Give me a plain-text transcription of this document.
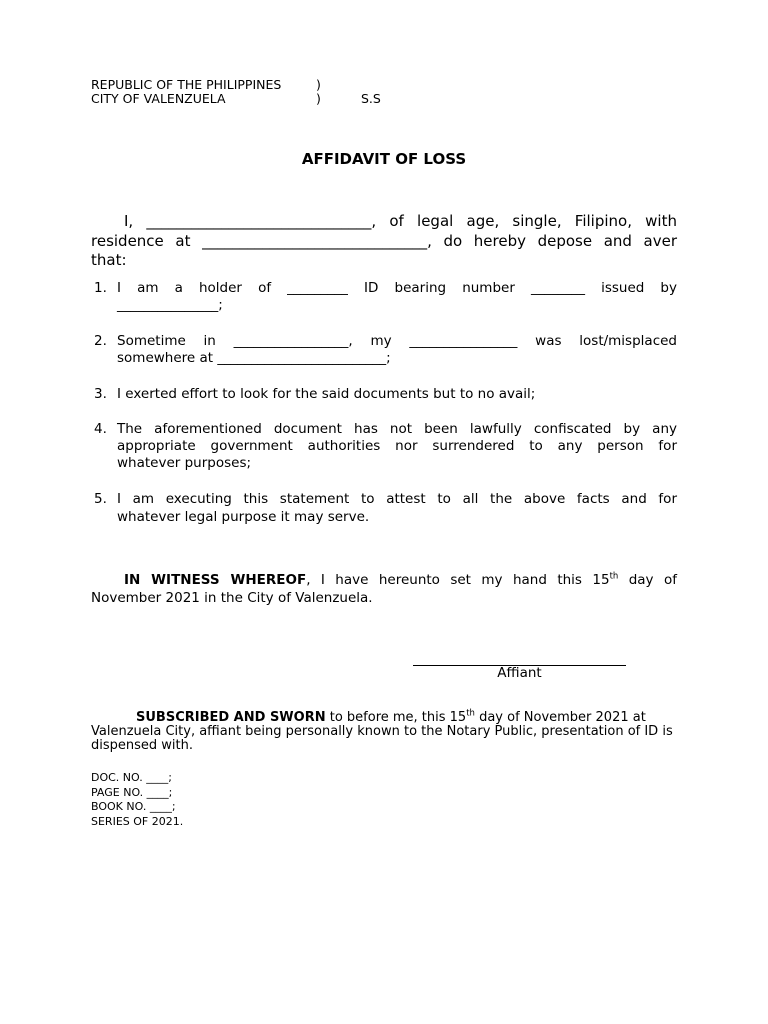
REPUBLIC OF THE PHILIPPINES	)
CITY OF VALENZUELA	)	S.S
AFFIDAVIT OF LOSS
I, ______________________________, of legal age, single, Filipino, with
residence at ______________________________, do hereby depose and aver
that:
1. I am a holder of _________ ID bearing number ________ issued by
_______________;
2. Sometime in _________________, my ________________ was lost/misplaced
somewhere at _________________________;
3. I exerted effort to look for the said documents but to no avail;
4. The aforementioned document has not been lawfully confiscated by any
appropriate government authorities nor surrendered to any person for
whatever purposes;
5. I am executing this statement to attest to all the above facts and for
whatever legal purpose it may serve.
IN WITNESS WHEREOF, I have hereunto set my hand this 15th day of
November 2021 in the City of Valenzuela.
Affiant
SUBSCRIBED AND SWORN to before me, this 15th day of November 2021 at Valenzuela City, affiant being personally known to the Notary Public, presentation of ID is dispensed with.
DOC. NO. ____;
PAGE NO. ____;
BOOK NO. ____;
SERIES OF 2021.
